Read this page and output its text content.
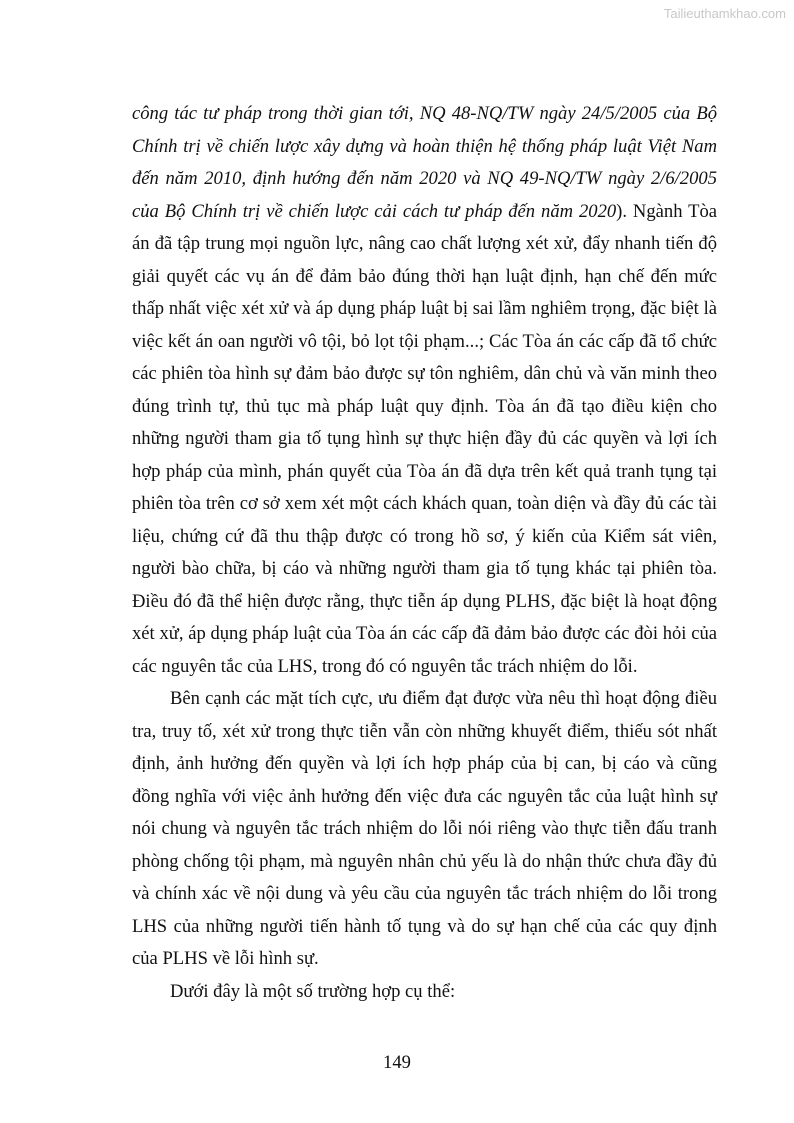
Tailieuthamkhao.com

công tác tư pháp trong thời gian tới, NQ 48-NQ/TW ngày 24/5/2005 của Bộ Chính trị về chiến lược xây dựng và hoàn thiện hệ thống pháp luật Việt Nam đến năm 2010, định hướng đến năm 2020 và NQ 49-NQ/TW ngày 2/6/2005 của Bộ Chính trị về chiến lược cải cách tư pháp đến năm 2020). Ngành Tòa án đã tập trung mọi nguồn lực, nâng cao chất lượng xét xử, đẩy nhanh tiến độ giải quyết các vụ án để đảm bảo đúng thời hạn luật định, hạn chế đến mức thấp nhất việc xét xử và áp dụng pháp luật bị sai lầm nghiêm trọng, đặc biệt là việc kết án oan người vô tội, bỏ lọt tội phạm...; Các Tòa án các cấp đã tổ chức các phiên tòa hình sự đảm bảo được sự tôn nghiêm, dân chủ và văn minh theo đúng trình tự, thủ tục mà pháp luật quy định. Tòa án đã tạo điều kiện cho những người tham gia tố tụng hình sự thực hiện đầy đủ các quyền và lợi ích hợp pháp của mình, phán quyết của Tòa án đã dựa trên kết quả tranh tụng tại phiên tòa trên cơ sở xem xét một cách khách quan, toàn diện và đầy đủ các tài liệu, chứng cứ đã thu thập được có trong hồ sơ, ý kiến của Kiểm sát viên, người bào chữa, bị cáo và những người tham gia tố tụng khác tại phiên tòa. Điều đó đã thể hiện được rằng, thực tiễn áp dụng PLHS, đặc biệt là hoạt động xét xử, áp dụng pháp luật của Tòa án các cấp đã đảm bảo được các đòi hỏi của các nguyên tắc của LHS, trong đó có nguyên tắc trách nhiệm do lỗi.

Bên cạnh các mặt tích cực, ưu điểm đạt được vừa nêu thì hoạt động điều tra, truy tố, xét xử trong thực tiễn vẫn còn những khuyết điểm, thiếu sót nhất định, ảnh hưởng đến quyền và lợi ích hợp pháp của bị can, bị cáo và cũng đồng nghĩa với việc ảnh hưởng đến việc đưa các nguyên tắc của luật hình sự nói chung và nguyên tắc trách nhiệm do lỗi nói riêng vào thực tiễn đấu tranh phòng chống tội phạm, mà nguyên nhân chủ yếu là do nhận thức chưa đầy đủ và chính xác về nội dung và yêu cầu của nguyên tắc trách nhiệm do lỗi trong LHS của những người tiến hành tố tụng và do sự hạn chế của các quy định của PLHS về lỗi hình sự.

Dưới đây là một số trường hợp cụ thể:

149
